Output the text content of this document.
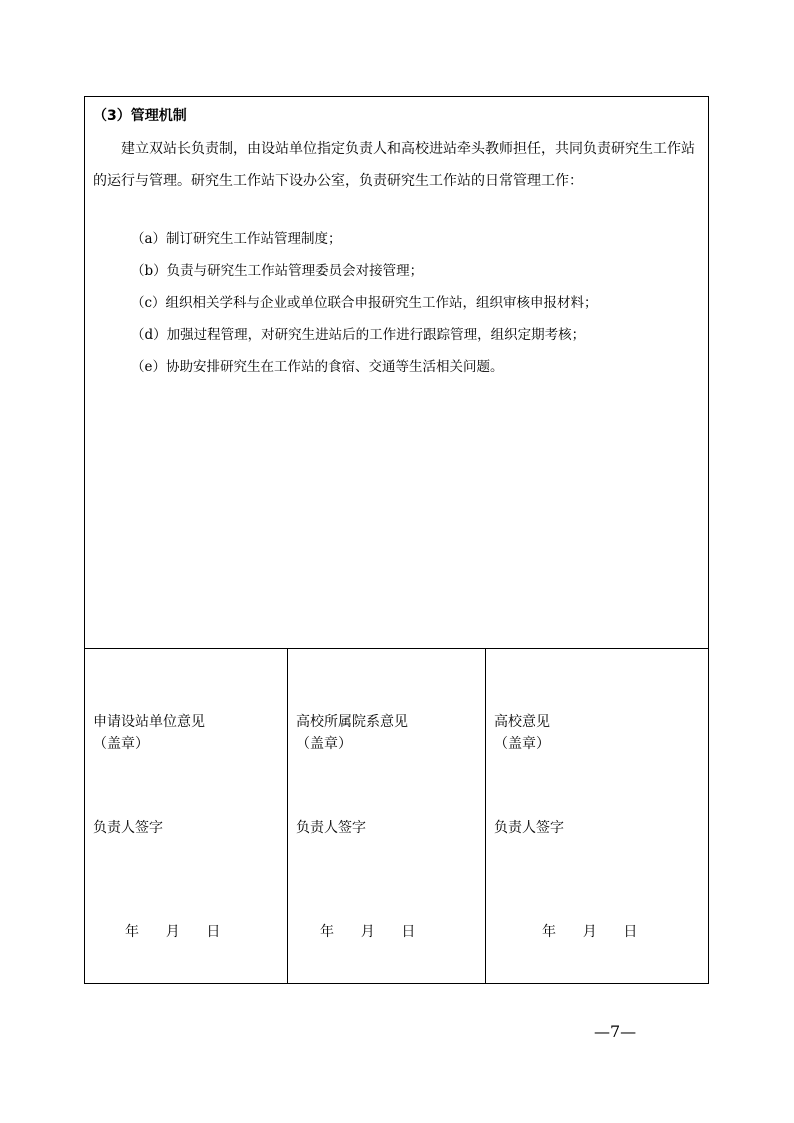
（3）管理机制

建立双站长负责制，由设站单位指定负责人和高校进站牵头教师担任，共同负责研究生工作站的运行与管理。研究生工作站下设办公室，负责研究生工作站的日常管理工作：

（a）制订研究生工作站管理制度；
（b）负责与研究生工作站管理委员会对接管理；
（c）组织相关学科与企业或单位联合申报研究生工作站，组织审核申报材料；
（d）加强过程管理，对研究生进站后的工作进行跟踪管理，组织定期考核；
（e）协助安排研究生在工作站的食宿、交通等生活相关问题。
申请设站单位意见
（盖章）
负责人签字
年 月 日
高校所属院系意见
（盖章）
负责人签字
年 月 日
高校意见
（盖章）
负责人签字
年 月 日
—7—
